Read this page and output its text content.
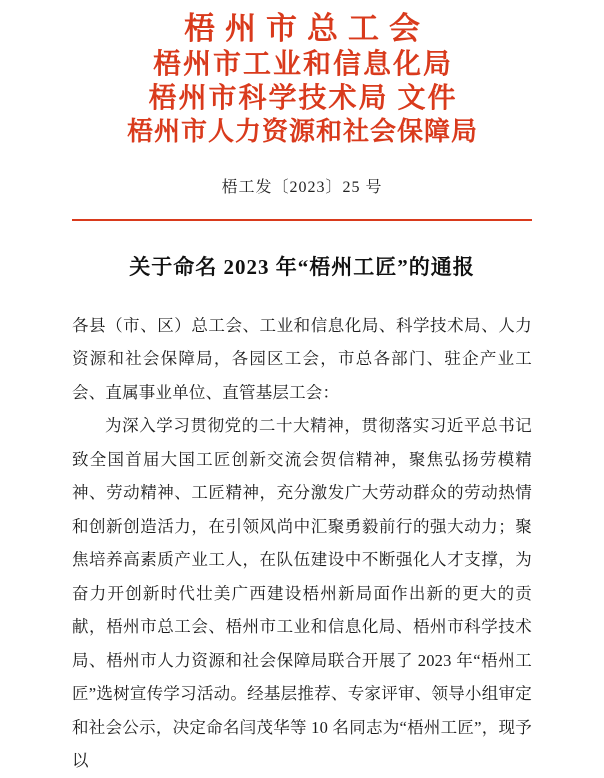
梧州市总工会
梧州市工业和信息化局
梧州市科学技术局 文件
梧州市人力资源和社会保障局
梧工发〔2023〕25 号
关于命名 2023 年“梧州工匠”的通报

各县（市、区）总工会、工业和信息化局、科学技术局、人力资源和社会保障局，各园区工会，市总各部门、驻企产业工会、直属事业单位、直管基层工会：

为深入学习贯彻党的二十大精神，贯彻落实习近平总书记致全国首届大国工匠创新交流会贺信精神，聚焦弘扬劳模精神、劳动精神、工匠精神，充分激发广大劳动群众的劳动热情和创新创造活力，在引领风尚中汇聚勇毅前行的强大动力；聚焦培养高素质产业工人，在队伍建设中不断强化人才支撑，为奋力开创新时代壮美广西建设梧州新局面作出新的更大的贡献，梧州市总工会、梧州市工业和信息化局、梧州市科学技术局、梧州市人力资源和社会保障局联合开展了 2023 年“梧州工匠”选树宣传学习活动。经基层推荐、专家评审、领导小组审定和社会公示，决定命名闫茂华等 10 名同志为“梧州工匠”，现予以
